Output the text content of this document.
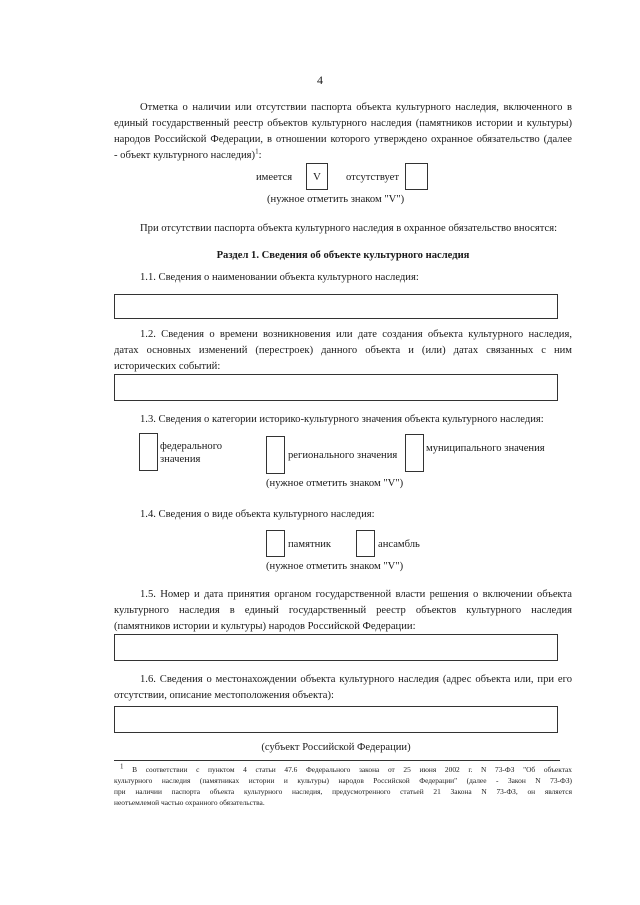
4
Отметка о наличии или отсутствии паспорта объекта культурного наследия, включенного в
единый государственный реестр объектов культурного наследия (памятников истории и культуры)
народов Российской Федерации, в отношении которого утверждено охранное обязательство (далее
- объект культурного наследия)$^1$:
имеется	V	отсутствует
(нужное отметить знаком "V")
При отсутствии паспорта объекта культурного наследия в охранное обязательство вносятся:
Раздел 1. Сведения об объекте культурного наследия
1.1. Сведения о наименовании объекта культурного наследия:
1.2. Сведения о времени возникновения или дате создания объекта культурного наследия,
датах основных изменений (перестроек) данного объекта и (или) датах связанных с ним
исторических событий:
1.3. Сведения о категории историко-культурного значения объекта культурного наследия:
федерального
значения	регионального значения
муниципального значения
(нужное отметить знаком "V")
1.4. Сведения о виде объекта культурного наследия:
памятник	ансамбль
(нужное отметить знаком "V")
1.5. Номер и дата принятия органом государственной власти решения о включении объекта
культурного наследия в единый государственный реестр объектов культурного наследия
(памятников истории и культуры) народов Российской Федерации:
1.6. Сведения о местонахождении объекта культурного наследия (адрес объекта или, при его
отсутствии, описание местоположения объекта):
(субъект Российской Федерации)
$^1$ В соответствии с пунктом 4 статьи 47.6 Федерального закона от 25 июня 2002 г. N 73-ФЗ "Об объектах
культурного наследия (памятниках истории и культуры) народов Российской Федерации" (далее - Закон N 73-ФЗ)
при наличии паспорта объекта культурного наследия, предусмотренного статьей 21 Закона N 73-ФЗ, он является
неотъемлемой частью охранного обязательства.
